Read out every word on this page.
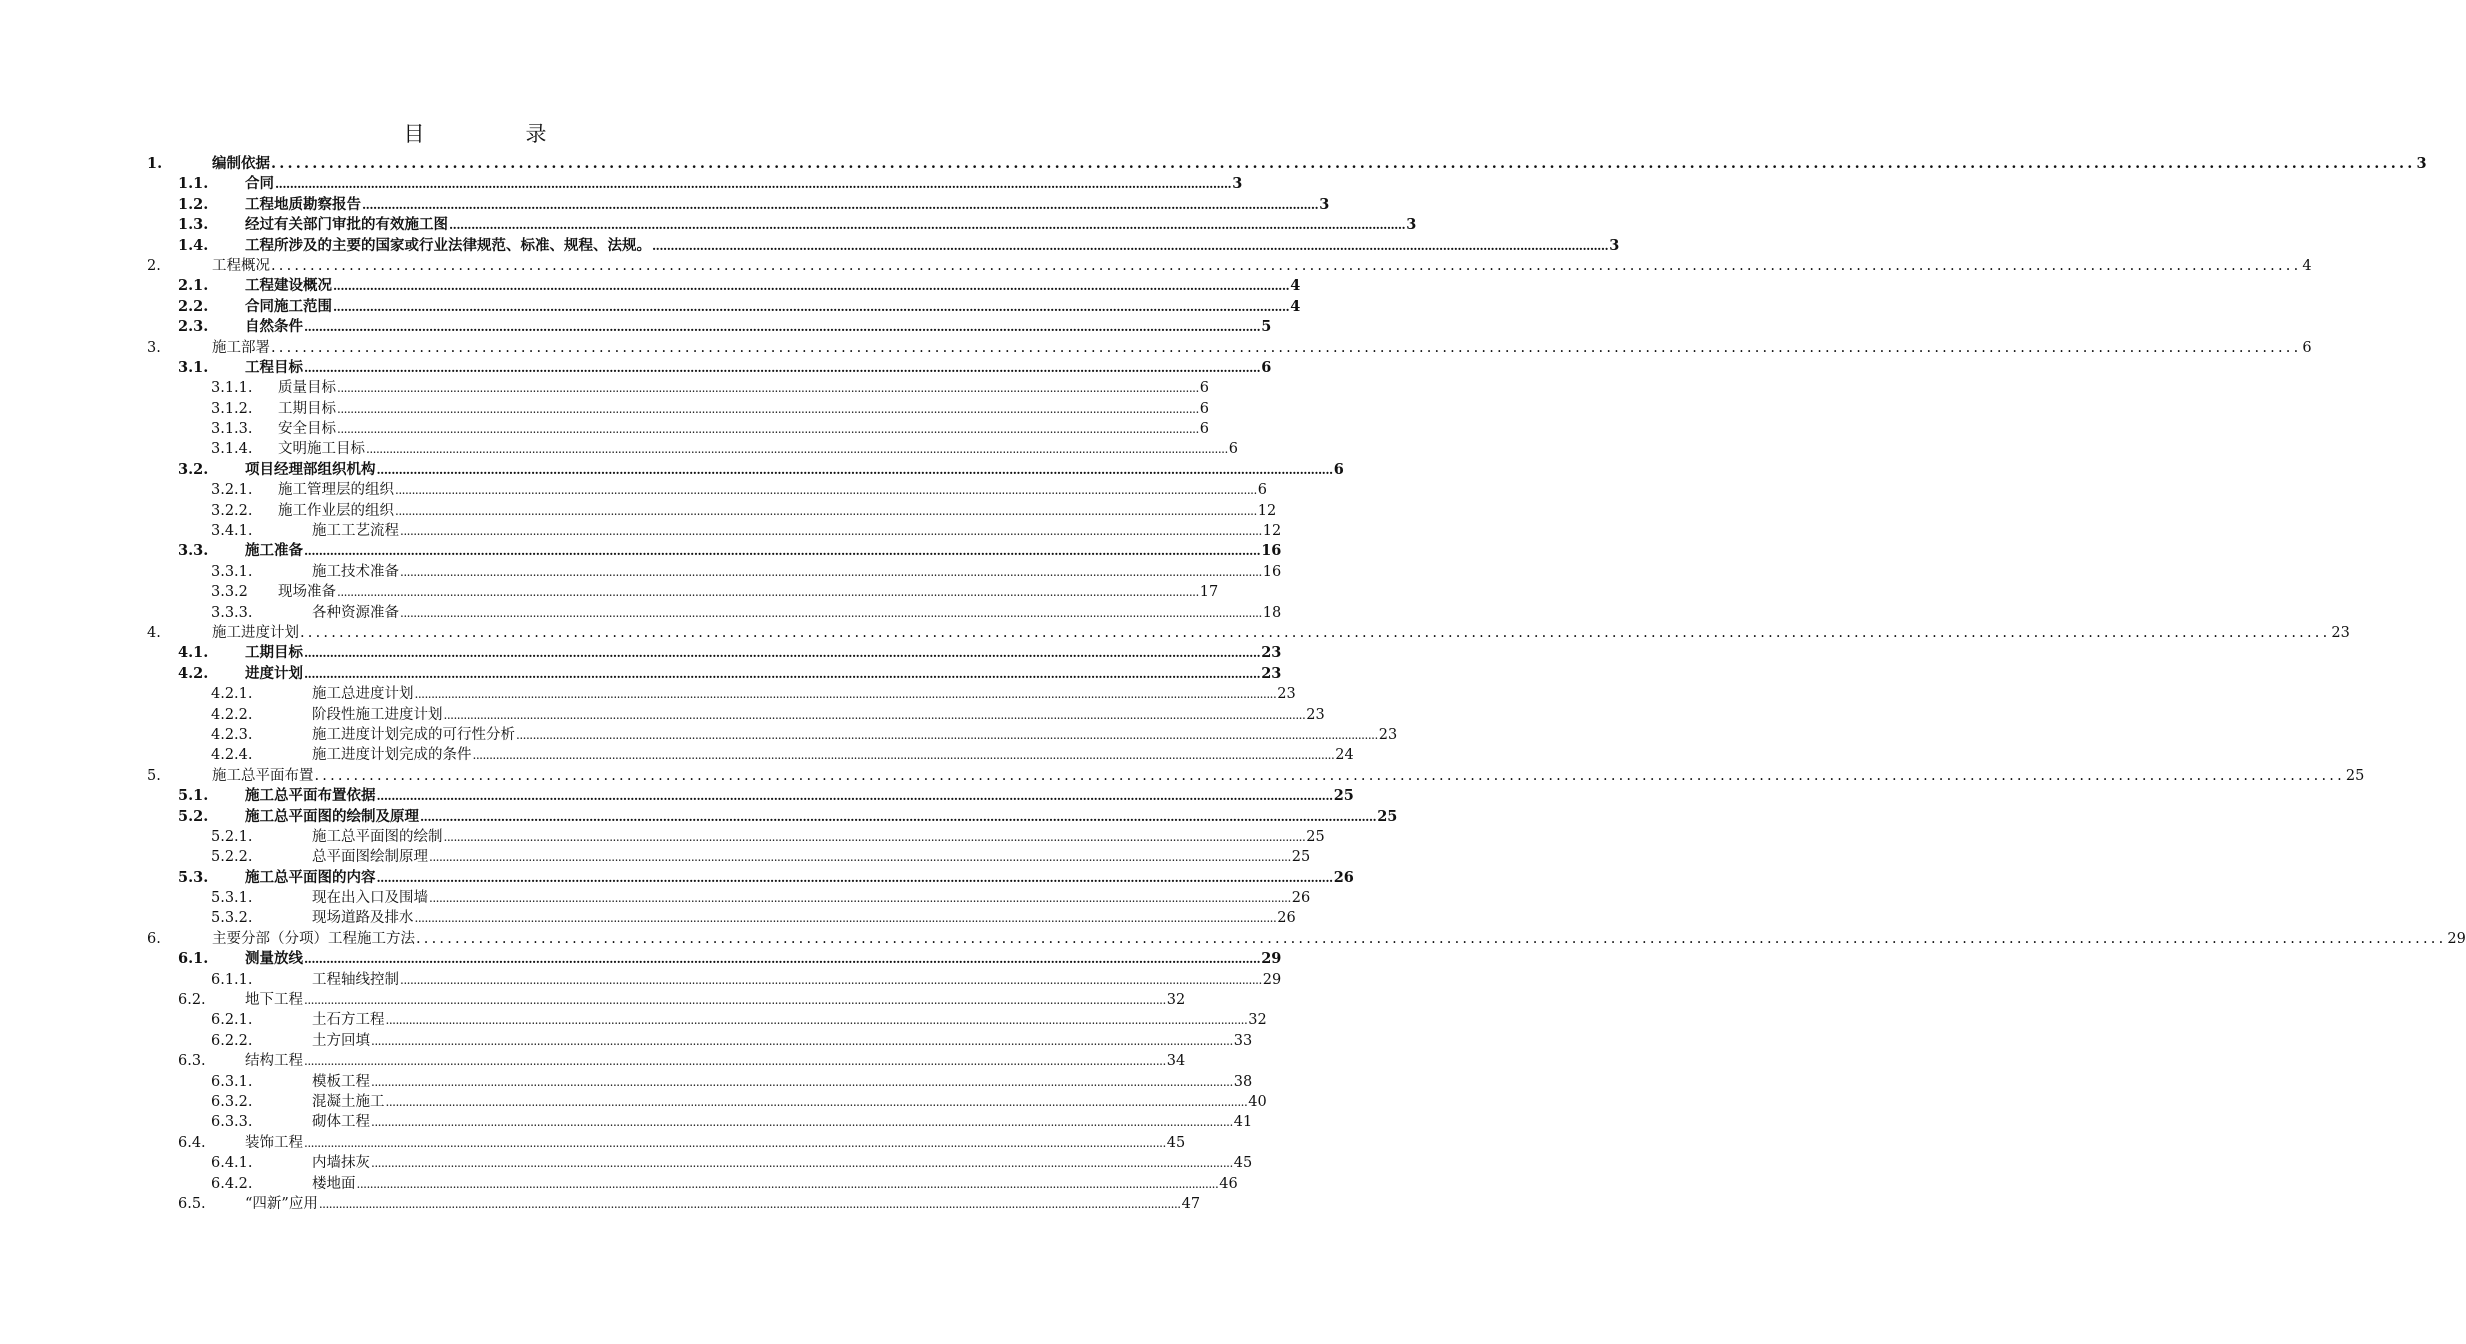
目　录
1.	编制依据 .................................................................................................................................................................................................................................................................... 3
1.1.	合同 .................................................................................................................................................................................................................................................................... 3
1.2.	工程地质勘察报告 .................................................................................................................................................................................................................................................................... 3
1.3.	经过有关部门审批的有效施工图 .................................................................................................................................................................................................................................................................... 3
1.4.	工程所涉及的主要的国家或行业法律规范、标准、规程、法规。 .................................................................................................................................................................................................................................................................... 3
2.	工程概况 .................................................................................................................................................................................................................................................................... 4
2.1.	工程建设概况 .................................................................................................................................................................................................................................................................... 4
2.2.	合同施工范围 .................................................................................................................................................................................................................................................................... 4
2.3.	自然条件 .................................................................................................................................................................................................................................................................... 5
3.	施工部署 .................................................................................................................................................................................................................................................................... 6
3.1.	工程目标 .................................................................................................................................................................................................................................................................... 6
3.1.1. 质量目标 .................................................................................................................................................................................................................................................................... 6
3.1.2. 工期目标 .................................................................................................................................................................................................................................................................... 6
3.1.3. 安全目标 .................................................................................................................................................................................................................................................................... 6
3.1.4. 文明施工目标 .................................................................................................................................................................................................................................................................... 6
3.2.	项目经理部组织机构 .................................................................................................................................................................................................................................................................... 6
3.2.1. 施工管理层的组织 .................................................................................................................................................................................................................................................................... 6
3.2.2. 施工作业层的组织 .................................................................................................................................................................................................................................................................... 12
3.4.1.	施工工艺流程 .................................................................................................................................................................................................................................................................... 12
3.3.	施工准备 .................................................................................................................................................................................................................................................................... 16
3.3.1.	施工技术准备 .................................................................................................................................................................................................................................................................... 16
3.3.2 现场准备 .................................................................................................................................................................................................................................................................... 17
3.3.3.	各种资源准备 .................................................................................................................................................................................................................................................................... 18
4.	施工进度计划 .................................................................................................................................................................................................................................................................... 23
4.1.	工期目标 .................................................................................................................................................................................................................................................................... 23
4.2.	进度计划 .................................................................................................................................................................................................................................................................... 23
4.2.1.	施工总进度计划 .................................................................................................................................................................................................................................................................... 23
4.2.2.	阶段性施工进度计划 .................................................................................................................................................................................................................................................................... 23
4.2.3.	施工进度计划完成的可行性分析 .................................................................................................................................................................................................................................................................... 23
4.2.4.	施工进度计划完成的条件 .................................................................................................................................................................................................................................................................... 24
5.	施工总平面布置 .................................................................................................................................................................................................................................................................... 25
5.1.	施工总平面布置依据 .................................................................................................................................................................................................................................................................... 25
5.2.	施工总平面图的绘制及原理 .................................................................................................................................................................................................................................................................... 25
5.2.1.	施工总平面图的绘制 .................................................................................................................................................................................................................................................................... 25
5.2.2.	总平面图绘制原理 .................................................................................................................................................................................................................................................................... 25
5.3.	施工总平面图的内容 .................................................................................................................................................................................................................................................................... 26
5.3.1.	现在出入口及围墙 .................................................................................................................................................................................................................................................................... 26
5.3.2.	现场道路及排水 .................................................................................................................................................................................................................................................................... 26
6.	主要分部（分项）工程施工方法 .................................................................................................................................................................................................................................................................... 29
6.1.	测量放线 .................................................................................................................................................................................................................................................................... 29
6.1.1.	工程轴线控制 .................................................................................................................................................................................................................................................................... 29
6.2.	地下工程 .................................................................................................................................................................................................................................................................... 32
6.2.1.	土石方工程 .................................................................................................................................................................................................................................................................... 32
6.2.2.	土方回填 .................................................................................................................................................................................................................................................................... 33
6.3.	结构工程 .................................................................................................................................................................................................................................................................... 34
6.3.1.	模板工程 .................................................................................................................................................................................................................................................................... 38
6.3.2.	混凝土施工 .................................................................................................................................................................................................................................................................... 40
6.3.3.	砌体工程 .................................................................................................................................................................................................................................................................... 41
6.4.	装饰工程 .................................................................................................................................................................................................................................................................... 45
6.4.1.	内墙抹灰 .................................................................................................................................................................................................................................................................... 45
6.4.2.	楼地面 .................................................................................................................................................................................................................................................................... 46
6.5.	“四新”应用 .................................................................................................................................................................................................................................................................... 47
